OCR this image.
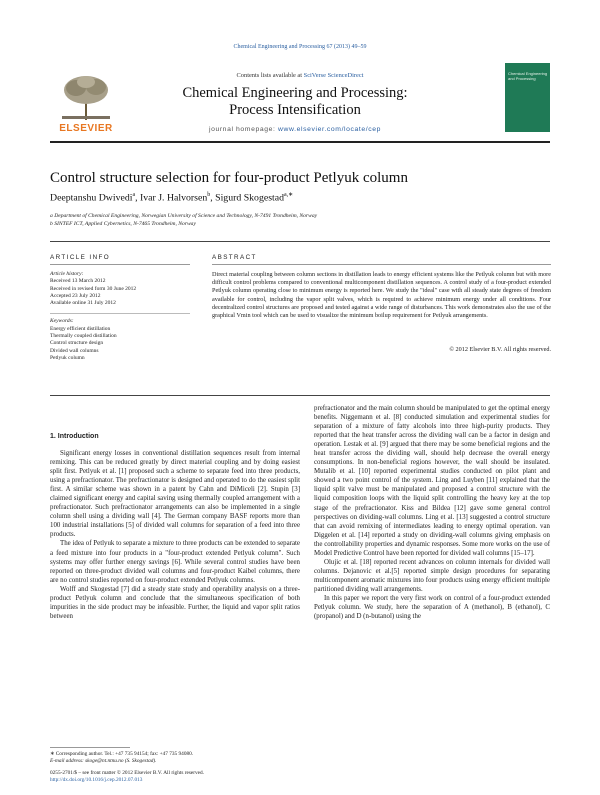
Chemical Engineering and Processing 67 (2013) 49–59
ELSEVIER
Contents lists available at SciVerse ScienceDirect
Chemical Engineering and Processing:
Process Intensification
journal homepage: www.elsevier.com/locate/cep
Chemical Engineering and Processing
Control structure selection for four-product Petlyuk column
Deeptanshu Dwivedi$^a$, Ivar J. Halvorsen$^b$, Sigurd Skogestad$^{a,∗}$
a Department of Chemical Engineering, Norwegian University of Science and Technology, N-7491 Trondheim, Norway
b SINTEF ICT, Applied Cybernetics, N-7465 Trondheim, Norway
ARTICLE INFO	ABSTRACT
Article history:
Received 13 March 2012
Received in revised form 30 June 2012
Accepted 23 July 2012
Available online 31 July 2012
Keywords:
Energy efficient distillation
Thermally coupled distillation
Control structure design
Divided wall columns
Petlyuk column
Direct material coupling between column sections in distillation leads to energy efficient systems like the Petlyuk column but with more difficult control problems compared to conventional multicomponent distillation sequences. A control study of a four-product extended Petlyuk column operating close to minimum energy is reported here. We study the "ideal" case with all steady state degrees of freedom available for control, including the vapor split valves, which is required to achieve minimum energy under all conditions. Four decentralized control structures are proposed and tested against a wide range of disturbances. This work demonstrates also the use of the graphical Vmin tool which can be used to visualize the minimum boilup requirement for Petlyuk arrangements.
© 2012 Elsevier B.V. All rights reserved.
1. Introduction

Significant energy losses in conventional distillation sequences result from internal remixing. This can be reduced greatly by direct material coupling and by doing easiest split first. Petlyuk et al. [1] proposed such a scheme to separate feed into three products, using a prefractionator. The prefractionator is designed and operated to do the easiest split first. A similar scheme was shown in a patent by Cahn and DiMiceli [2]. Stupin [3] claimed significant energy and capital saving using thermally coupled arrangement with a prefractionator. Such prefractionator arrangements can also be implemented in a single column shell using a dividing wall [4]. The German company BASF reports more than 100 industrial installations [5] of divided wall columns for separation of a feed into three products.

The idea of Petlyuk to separate a mixture to three products can be extended to separate a feed mixture into four products in a "four-product extended Petlyuk column". Such systems may offer further energy savings [6]. While several control studies have been reported on three-product divided wall columns and four-product Kaibel columns, there are no control studies reported on four-product extended Petlyuk columns.

Wolff and Skogestad [7] did a steady state study and operability analysis on a three-product Petlyuk column and conclude that the simultaneous specification of both impurities in the side product may be infeasible. Further, the liquid and vapor split ratios between

prefractionator and the main column should be manipulated to get the optimal energy benefits. Niggemann et al. [8] conducted simulation and experimental studies for separation of a mixture of fatty alcohols into three high-purity products. They reported that the heat transfer across the dividing wall can be a factor in design and operation. Lestak et al. [9] argued that there may be some beneficial regions and the heat transfer across the dividing wall, should help decrease the overall energy consumptions. In non-beneficial regions however, the wall should be insulated. Mutalib et al. [10] reported experimental studies conducted on pilot plant and showed a two point control of the system. Ling and Luyben [11] explained that the liquid split valve must be manipulated and proposed a control structure with the liquid composition loops with the liquid split controlling the heavy key at the top stage of the prefractionator. Kiss and Bildea [12] gave some general control perspectives on dividing-wall columns. Ling et al. [13] suggested a control structure that can avoid remixing of intermediates leading to energy optimal operation. van Diggelen et al. [14] reported a study on dividing-wall columns giving emphasis on the controllability properties and dynamic responses. Some more works on the use of Model Predictive Control have been reported for divided wall columns [15–17].

Olujic et al. [18] reported recent advances on column internals for divided wall columns. Dejanovic et al.[5] reported simple design procedures for separating multicomponent aromatic mixtures into four products using energy efficient multiple partitioned dividing wall arrangements.

In this paper we report the very first work on control of a four-product extended Petlyuk column. We study, here the separation of A (methanol), B (ethanol), C (propanol) and D (n-butanol) using the

∗ Corresponding author. Tel.: +47 735 94154; fax: +47 735 94080.
E-mail address: skoge@nt.ntnu.no (S. Skogestad).
0255-2701/$ – see front matter © 2012 Elsevier B.V. All rights reserved.
http://dx.doi.org/10.1016/j.cep.2012.07.013
